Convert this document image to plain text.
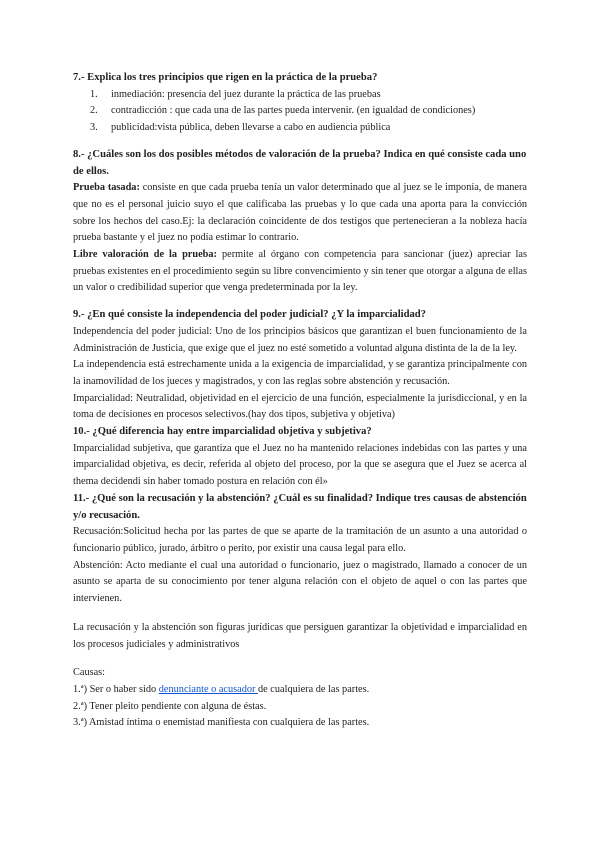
7.- Explica los tres principios que rigen en la práctica de la prueba?
1. inmediación: presencia del juez durante la práctica de las pruebas
2. contradicción : que cada una de las partes pueda intervenir. (en igualdad de condiciones)
3. publicidad:vista pública, deben llevarse a cabo en audiencia pública
8.- ¿Cuáles son los dos posibles métodos de valoración de la prueba? Indica en qué consiste cada uno de ellos.

Prueba tasada: consiste en que cada prueba tenía un valor determinado que al juez se le imponía, de manera que no es el personal juicio suyo el que calificaba las pruebas y lo que cada una aporta para la convicción sobre los hechos del caso.Ej: la declaración coincidente de dos testigos que pertenecieran a la nobleza hacía prueba bastante y el juez no podía estimar lo contrario.

Libre valoración de la prueba: permite al órgano con competencia para sancionar (juez) apreciar las pruebas existentes en el procedimiento según su libre convencimiento y sin tener que otorgar a alguna de ellas un valor o credibilidad superior que venga predeterminada por la ley.

9.- ¿En qué consiste la independencia del poder judicial? ¿Y la imparcialidad?

Independencia del poder judicial: Uno de los principios básicos que garantizan el buen funcionamiento de la Administración de Justicia, que exige que el juez no esté sometido a voluntad alguna distinta de la de la ley.

La independencia está estrechamente unida a la exigencia de imparcialidad, y se garantiza principalmente con la inamovilidad de los jueces y magistrados, y con las reglas sobre abstención y recusación.

Imparcialidad: Neutralidad, objetividad en el ejercicio de una función, especialmente la jurisdiccional, y en la toma de decisiones en procesos selectivos.(hay dos tipos, subjetiva y objetiva)

10.- ¿Qué diferencia hay entre imparcialidad objetiva y subjetiva?

Imparcialidad subjetiva, que garantiza que el Juez no ha mantenido relaciones indebidas con las partes y una imparcialidad objetiva, es decir, referida al objeto del proceso, por la que se asegura que el Juez se acerca al thema decidendi sin haber tomado postura en relación con él»

11.- ¿Qué son la recusación y la abstención? ¿Cuál es su finalidad? Indique tres causas de abstención y/o recusación.

Recusación:Solicitud hecha por las partes de que se aparte de la tramitación de un asunto a una autoridad o funcionario público, jurado, árbitro o perito, por existir una causa legal para ello.

Abstención: Acto mediante el cual una autoridad o funcionario, juez o magistrado, llamado a conocer de un asunto se aparta de su conocimiento por tener alguna relación con el objeto de aquel o con las partes que intervienen.

La recusación y la abstención son figuras jurídicas que persiguen garantizar la objetividad e imparcialidad en los procesos judiciales y administrativos

Causas:

1.ª) Ser o haber sido denunciante o acusador de cualquiera de las partes.

2.ª) Tener pleito pendiente con alguna de éstas.

3.ª) Amistad íntima o enemistad manifiesta con cualquiera de las partes.
